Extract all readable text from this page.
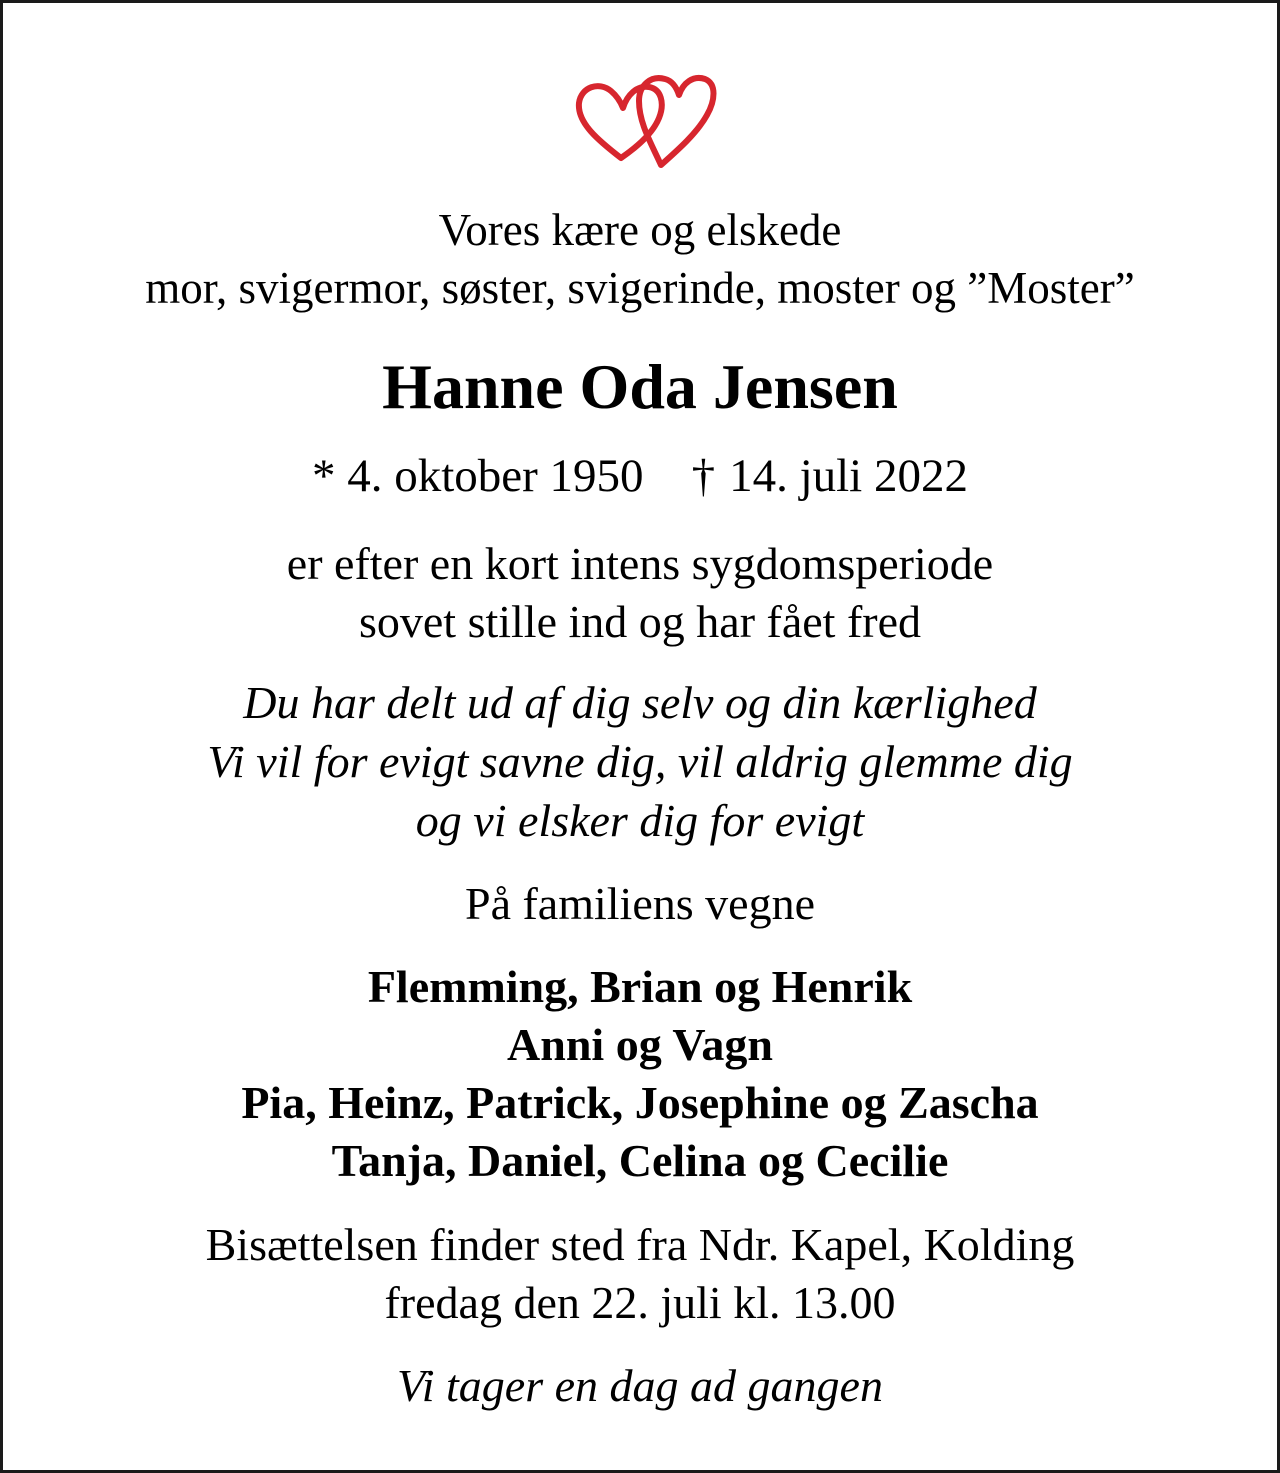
Vores kære og elskede
mor, svigermor, søster, svigerinde, moster og ”Moster”
Hanne Oda Jensen
* 4. oktober 1950 † 14. juli 2022
er efter en kort intens sygdomsperiode
sovet stille ind og har fået fred
Du har delt ud af dig selv og din kærlighed
Vi vil for evigt savne dig, vil aldrig glemme dig
og vi elsker dig for evigt
På familiens vegne
Flemming, Brian og Henrik
Anni og Vagn
Pia, Heinz, Patrick, Josephine og Zascha
Tanja, Daniel, Celina og Cecilie
Bisættelsen finder sted fra Ndr. Kapel, Kolding
fredag den 22. juli kl. 13.00
Vi tager en dag ad gangen
